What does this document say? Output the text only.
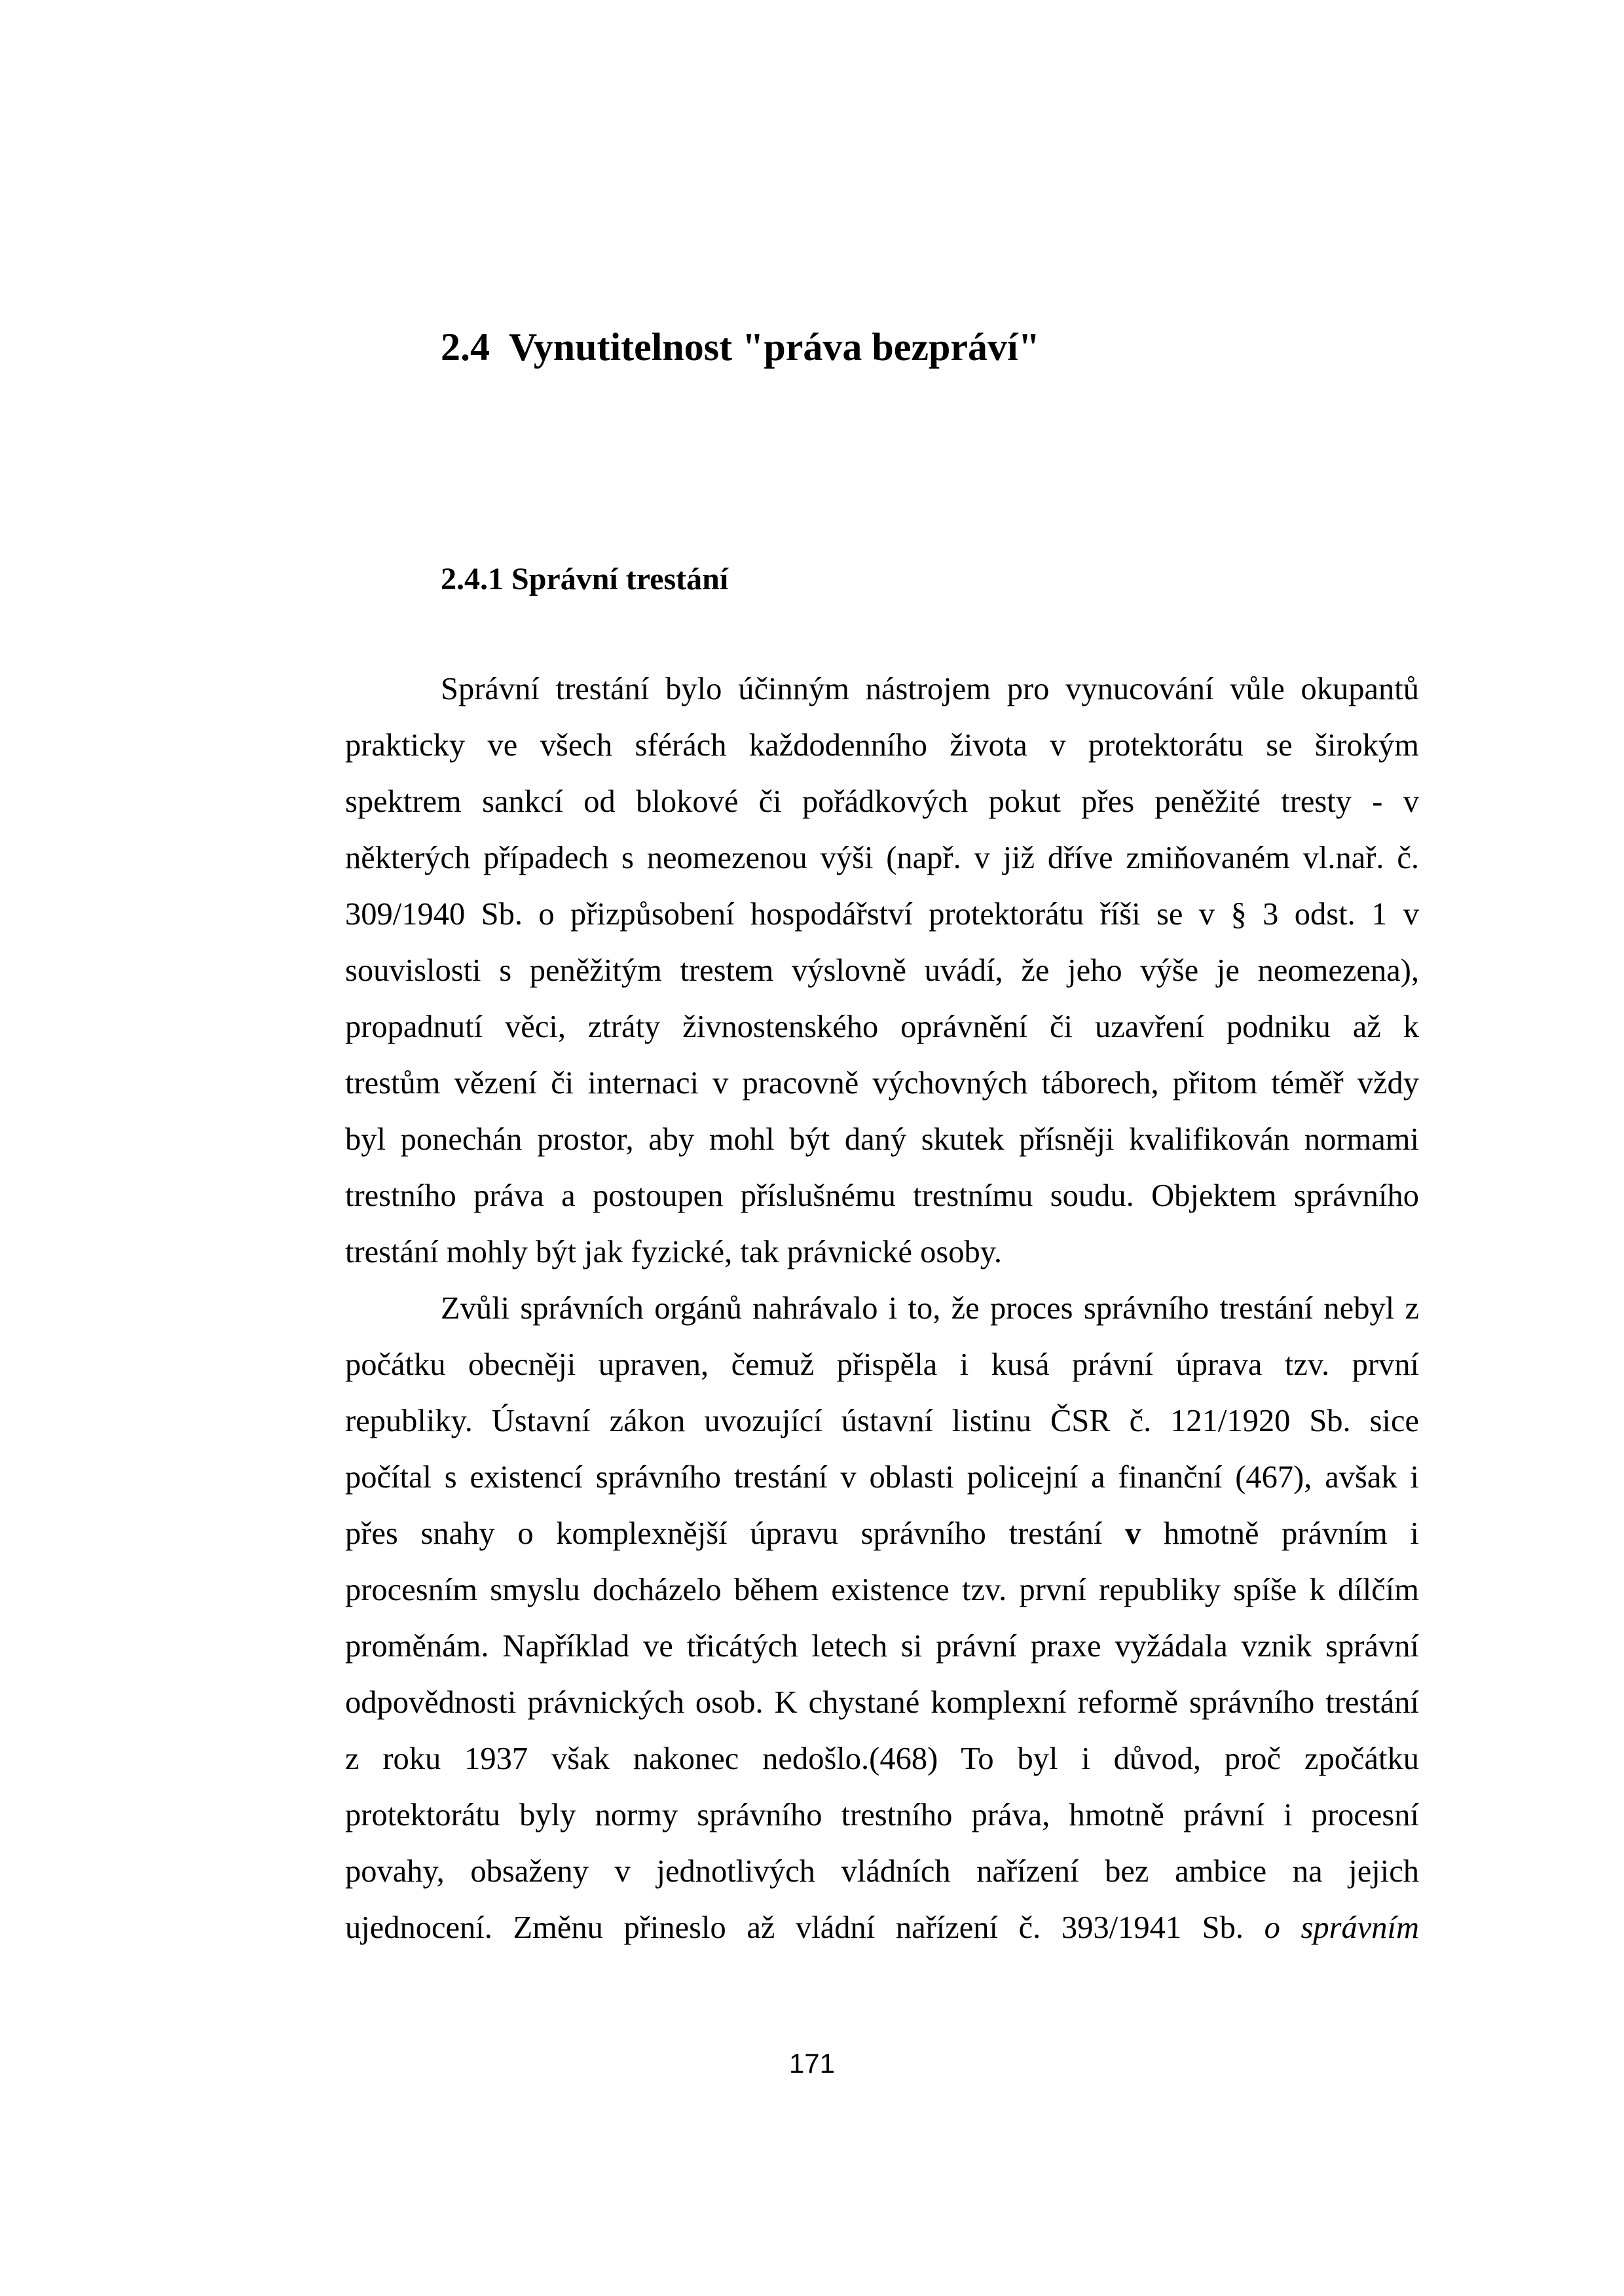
2.4 Vynutitelnost "práva bezpráví"
2.4.1 Správní trestání
Správní trestání bylo účinným nástrojem pro vynucování vůle okupantů
prakticky ve všech sférách každodenního života v protektorátu se širokým
spektrem sankcí od blokové či pořádkových pokut přes peněžité tresty - v
některých případech s neomezenou výši (např. v již dříve zmiňovaném vl.nař. č.
309/1940 Sb. o přizpůsobení hospodářství protektorátu říši se v § 3 odst. 1 v
souvislosti s peněžitým trestem výslovně uvádí, že jeho výše je neomezena),
propadnutí věci, ztráty živnostenského oprávnění či uzavření podniku až k
trestům vězení či internaci v pracovně výchovných táborech, přitom téměř vždy
byl ponechán prostor, aby mohl být daný skutek přísněji kvalifikován normami
trestního práva a postoupen příslušnému trestnímu soudu. Objektem správního
trestání mohly být jak fyzické, tak právnické osoby.
Zvůli správních orgánů nahrávalo i to, že proces správního trestání nebyl z
počátku obecněji upraven, čemuž přispěla i kusá právní úprava tzv. první
republiky. Ústavní zákon uvozující ústavní listinu ČSR č. 121/1920 Sb. sice
počítal s existencí správního trestání v oblasti policejní a finanční (467), avšak i
přes snahy o komplexnější úpravu správního trestání v hmotně právním i
procesním smyslu docházelo během existence tzv. první republiky spíše k dílčím
proměnám. Například ve třicátých letech si právní praxe vyžádala vznik správní
odpovědnosti právnických osob. K chystané komplexní reformě správního trestání
z roku 1937 však nakonec nedošlo.(468) To byl i důvod, proč zpočátku
protektorátu byly normy správního trestního práva, hmotně právní i procesní
povahy, obsaženy v jednotlivých vládních nařízení bez ambice na jejich
ujednocení. Změnu přineslo až vládní nařízení č. 393/1941 Sb. o správním
171
